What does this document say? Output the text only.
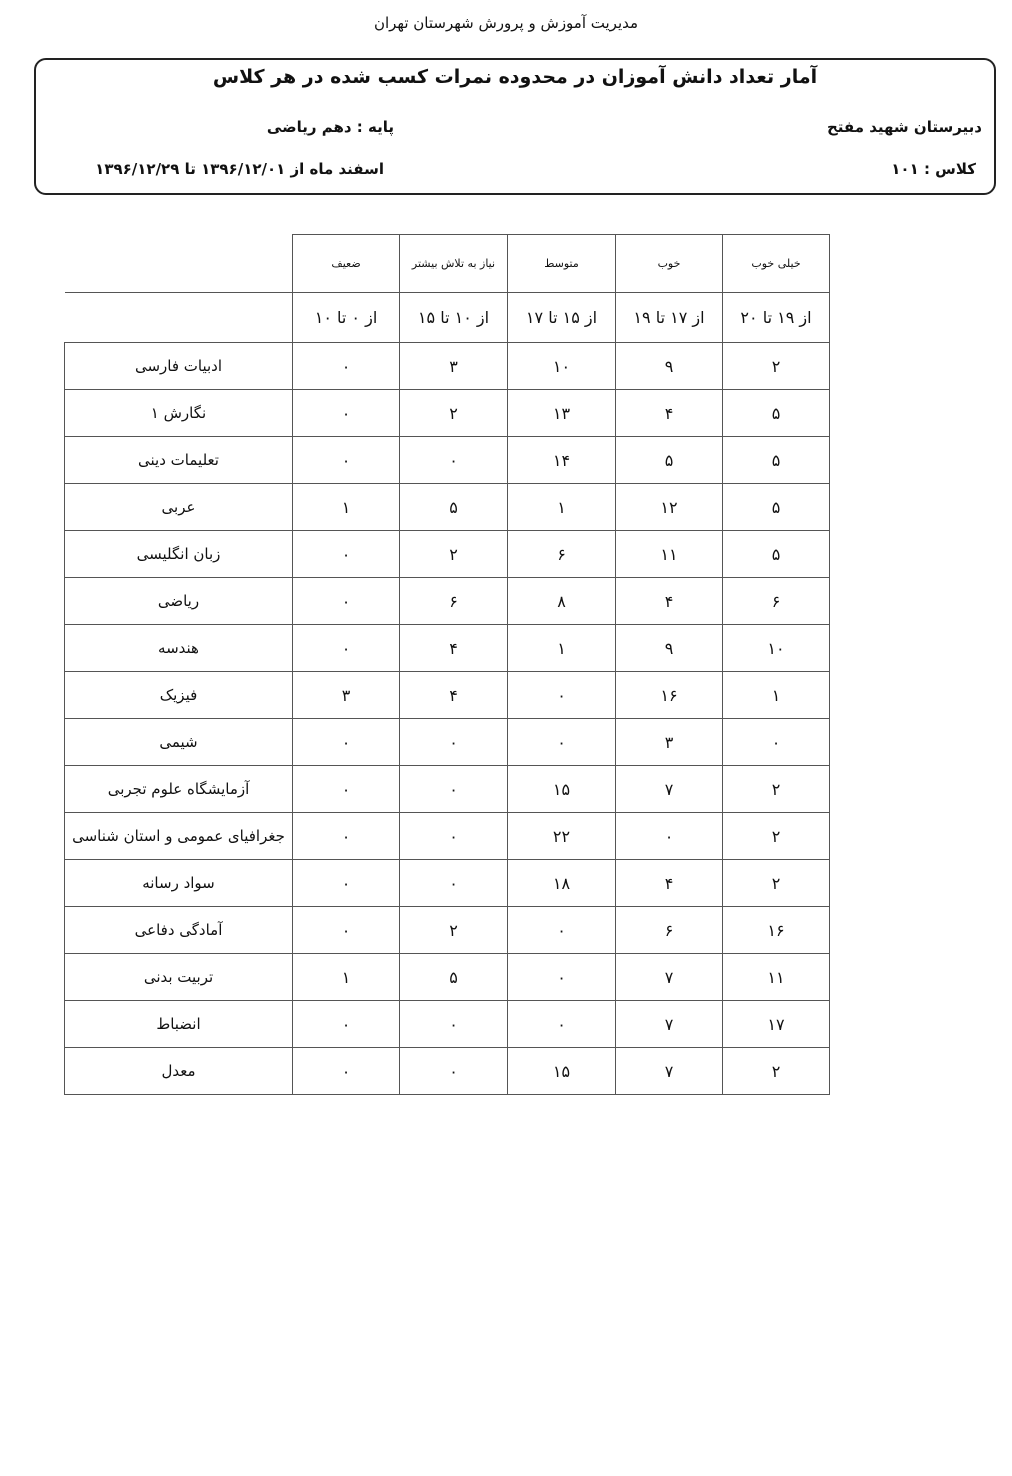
مدیریت آموزش و پرورش شهرستان تهران
آمار تعداد دانش آموزان در محدوده نمرات کسب شده در هر کلاس
دبیرستان شهید مفتح
پایه : دهم ریاضی
کلاس : ۱۰۱
اسفند ماه از ۱۳۹۶/۱۲/۰۱ تا ۱۳۹۶/۱۲/۲۹
خیلی خوب	خوب	متوسط	نیاز به تلاش بیشتر	ضعیف	
از ۱۹ تا ۲۰	از ۱۷ تا ۱۹	از ۱۵ تا ۱۷	از ۱۰ تا ۱۵	از ۰ تا ۱۰	
۲	۹	۱۰	۳	۰	ادبیات فارسی
۵	۴	۱۳	۲	۰	نگارش ۱
۵	۵	۱۴	۰	۰	تعلیمات دینی
۵	۱۲	۱	۵	۱	عربی
۵	۱۱	۶	۲	۰	زبان انگلیسی
۶	۴	۸	۶	۰	ریاضی
۱۰	۹	۱	۴	۰	هندسه
۱	۱۶	۰	۴	۳	فیزیک
۰	۳	۰	۰	۰	شیمی
۲	۷	۱۵	۰	۰	آزمایشگاه علوم تجربی
۲	۰	۲۲	۰	۰	جغرافیای عمومی و استان شناسی
۲	۴	۱۸	۰	۰	سواد رسانه
۱۶	۶	۰	۲	۰	آمادگی دفاعی
۱۱	۷	۰	۵	۱	تربیت بدنی
۱۷	۷	۰	۰	۰	انضباط
۲	۷	۱۵	۰	۰	معدل
